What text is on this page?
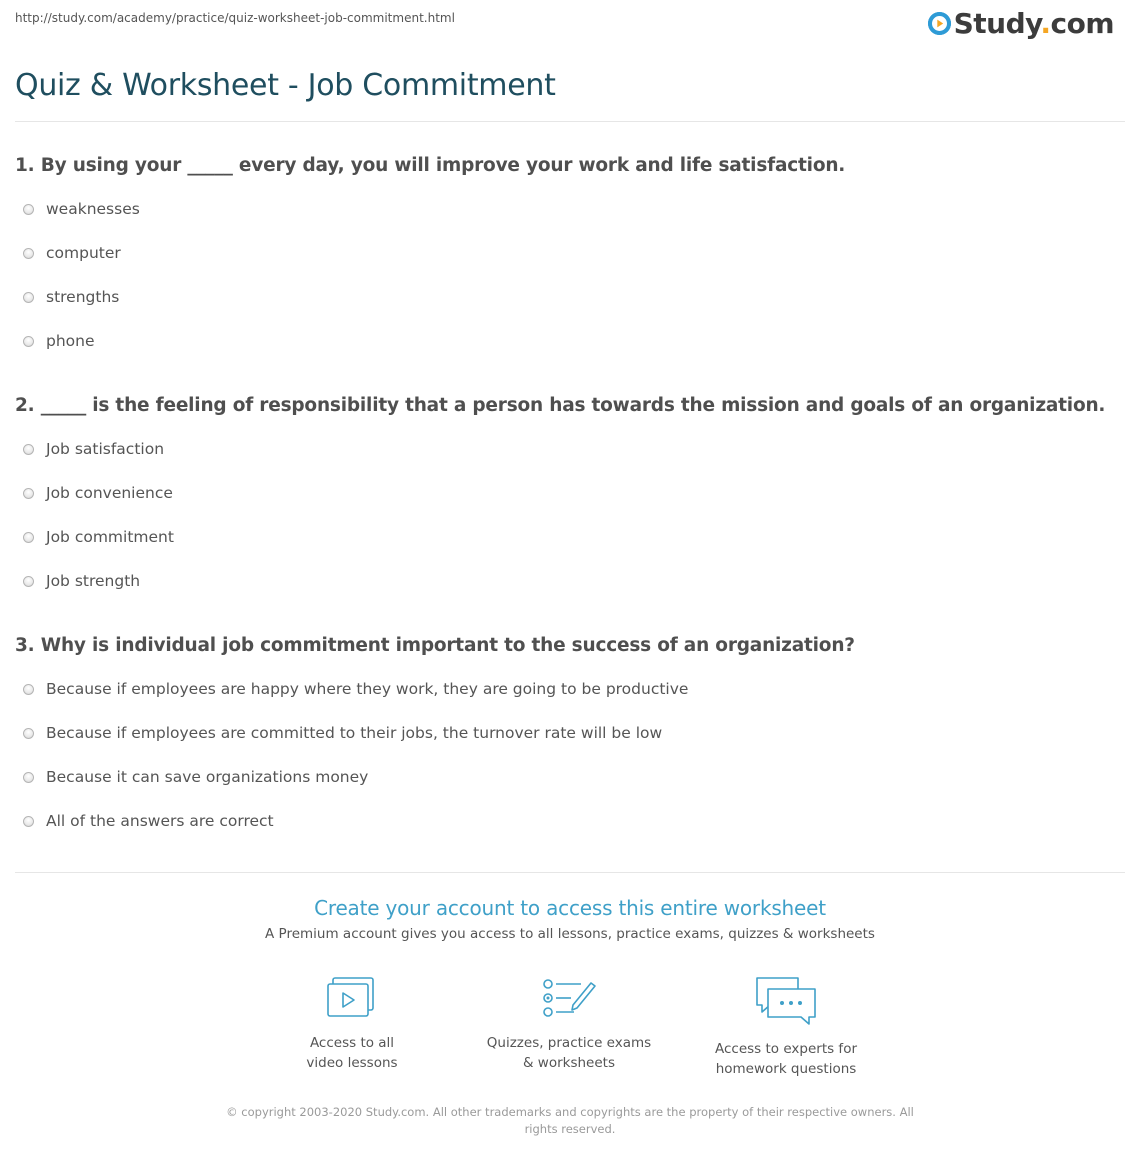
http://study.com/academy/practice/quiz-worksheet-job-commitment.html	Study.com
Quiz & Worksheet - Job Commitment
1. By using your _____ every day, you will improve your work and life satisfaction.
weaknesses
computer
strengths
phone
2. _____ is the feeling of responsibility that a person has towards the mission and goals of an organization.
Job satisfaction
Job convenience
Job commitment
Job strength
3. Why is individual job commitment important to the success of an organization?
Because if employees are happy where they work, they are going to be productive
Because if employees are committed to their jobs, the turnover rate will be low
Because it can save organizations money
All of the answers are correct
Create your account to access this entire worksheet
A Premium account gives you access to all lessons, practice exams, quizzes & worksheets
Access to all
video lessons
Quizzes, practice exams
& worksheets
Access to experts for
homework questions
© copyright 2003-2020 Study.com. All other trademarks and copyrights are the property of their respective owners. All rights reserved.
